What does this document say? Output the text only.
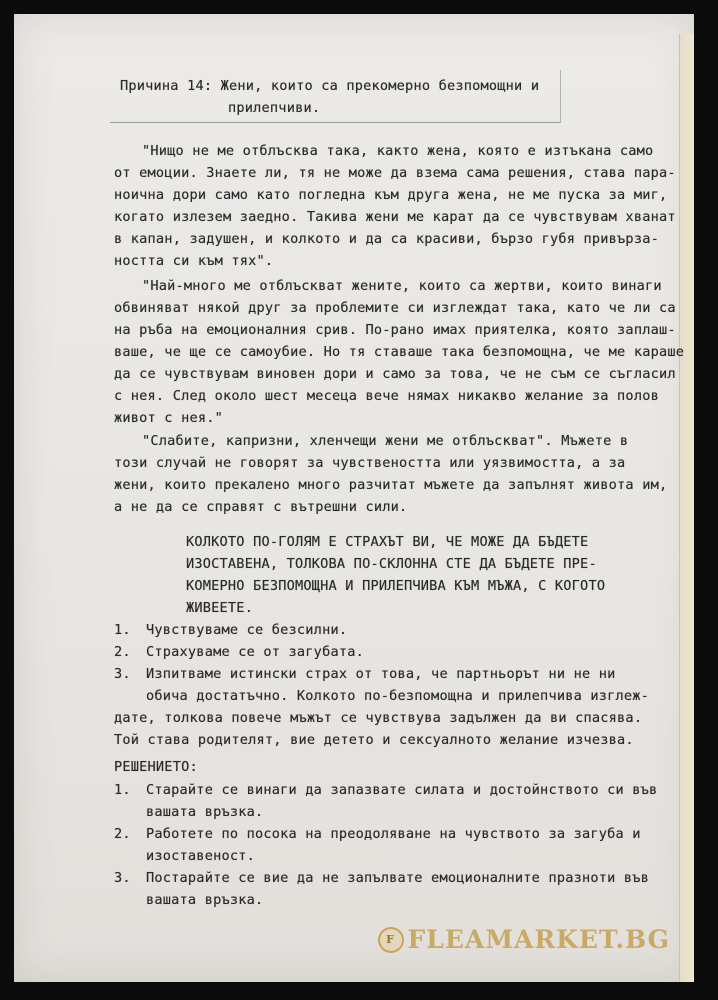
Причина 14: Жени, които са прекомерно безпомощни и
прилепчиви.
"Нищо не ме отблъсква така, както жена, която е изтъкана само
от емоции. Знаете ли, тя не може да взема сама решения, става пара-
ноична дори само като погледна към друга жена, не ме пуска за миг,
когато излезем заедно. Такива жени ме карат да се чувствувам хванат
в капан, задушен, и колкото и да са красиви, бързо губя привърза-
ността си към тях".
"Най-много ме отблъскват жените, които са жертви, които винаги
обвиняват някой друг за проблемите си изглеждат така, като че ли са
на ръба на емоционалния срив. По-рано имах приятелка, която заплаш-
ваше, че ще се самоубие. Но тя ставаше така безпомощна, че ме караше
да се чувствувам виновен дори и само за това, че не съм се съгласил
с нея. След около шест месеца вече нямах никакво желание за полов
живот с нея."
"Слабите, капризни, хленчещи жени ме отблъскват". Мъжете в
този случай не говорят за чувствеността или уязвимостта, а за
жени, които прекалено много разчитат мъжете да запълнят живота им,
а не да се справят с вътрешни сили.
КОЛКОТО ПО-ГОЛЯМ Е СТРАХЪТ ВИ, ЧЕ МОЖЕ ДА БЪДЕТЕ
ИЗОСТАВЕНА, ТОЛКОВА ПО-СКЛОННА СТЕ ДА БЪДЕТЕ ПРЕ-
КОМЕРНО БЕЗПОМОЩНА И ПРИЛЕПЧИВА КЪМ МЪЖА, С КОГОТО
ЖИВЕЕТЕ.
1. Чувствуваме се безсилни.
2. Страхуваме се от загубата.
3. Изпитваме истински страх от това, че партньорът ни не ни
обича достатъчно. Колкото по-безпомощна и прилепчива изглеж-
дате, толкова повече мъжът се чувствува задължен да ви спасява.
Той става родителят, вие детето и сексуалното желание изчезва.
РЕШЕНИЕТО:
1. Старайте се винаги да запазвате силата и достойнството си във
вашата връзка.
2. Работете по посока на преодоляване на чувството за загуба и
изоставеност.
3. Постарайте се вие да не запълвате емоционалните празноти във
вашата връзка.
F FLEAMARKET.BG
